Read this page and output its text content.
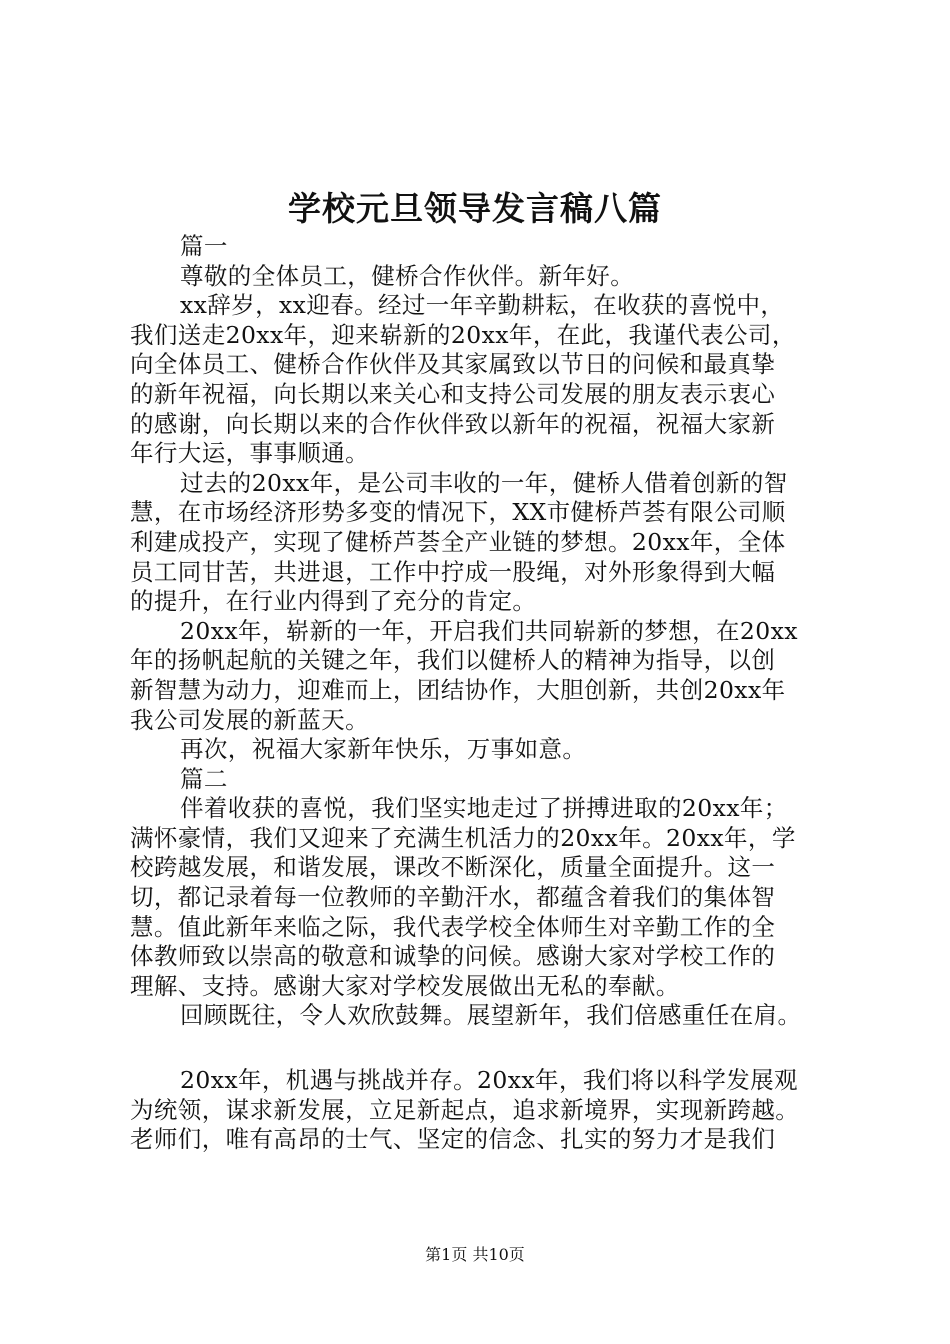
学校元旦领导发言稿八篇
篇一
尊敬的全体员工，健桥合作伙伴。新年好。
xx辞岁，xx迎春。经过一年辛勤耕耘，在收获的喜悦中，
我们送走20xx年，迎来崭新的20xx年，在此，我谨代表公司，
向全体员工、健桥合作伙伴及其家属致以节日的问候和最真挚
的新年祝福，向长期以来关心和支持公司发展的朋友表示衷心
的感谢，向长期以来的合作伙伴致以新年的祝福，祝福大家新
年行大运，事事顺通。
过去的20xx年，是公司丰收的一年，健桥人借着创新的智
慧，在市场经济形势多变的情况下，XX市健桥芦荟有限公司顺
利建成投产，实现了健桥芦荟全产业链的梦想。20xx年，全体
员工同甘苦，共进退，工作中拧成一股绳，对外形象得到大幅
的提升，在行业内得到了充分的肯定。
20xx年，崭新的一年，开启我们共同崭新的梦想，在20xx
年的扬帆起航的关键之年，我们以健桥人的精神为指导，以创
新智慧为动力，迎难而上，团结协作，大胆创新，共创20xx年
我公司发展的新蓝天。
再次，祝福大家新年快乐，万事如意。
篇二
伴着收获的喜悦，我们坚实地走过了拼搏进取的20xx年；
满怀豪情，我们又迎来了充满生机活力的20xx年。20xx年，学
校跨越发展，和谐发展，课改不断深化，质量全面提升。这一
切，都记录着每一位教师的辛勤汗水，都蕴含着我们的集体智
慧。值此新年来临之际，我代表学校全体师生对辛勤工作的全
体教师致以崇高的敬意和诚挚的问候。感谢大家对学校工作的
理解、支持。感谢大家对学校发展做出无私的奉献。
回顾既往，令人欢欣鼓舞。展望新年，我们倍感重任在肩。
20xx年，机遇与挑战并存。20xx年，我们将以科学发展观
为统领，谋求新发展，立足新起点，追求新境界，实现新跨越。
老师们，唯有高昂的士气、坚定的信念、扎实的努力才是我们
第1页 共10页
